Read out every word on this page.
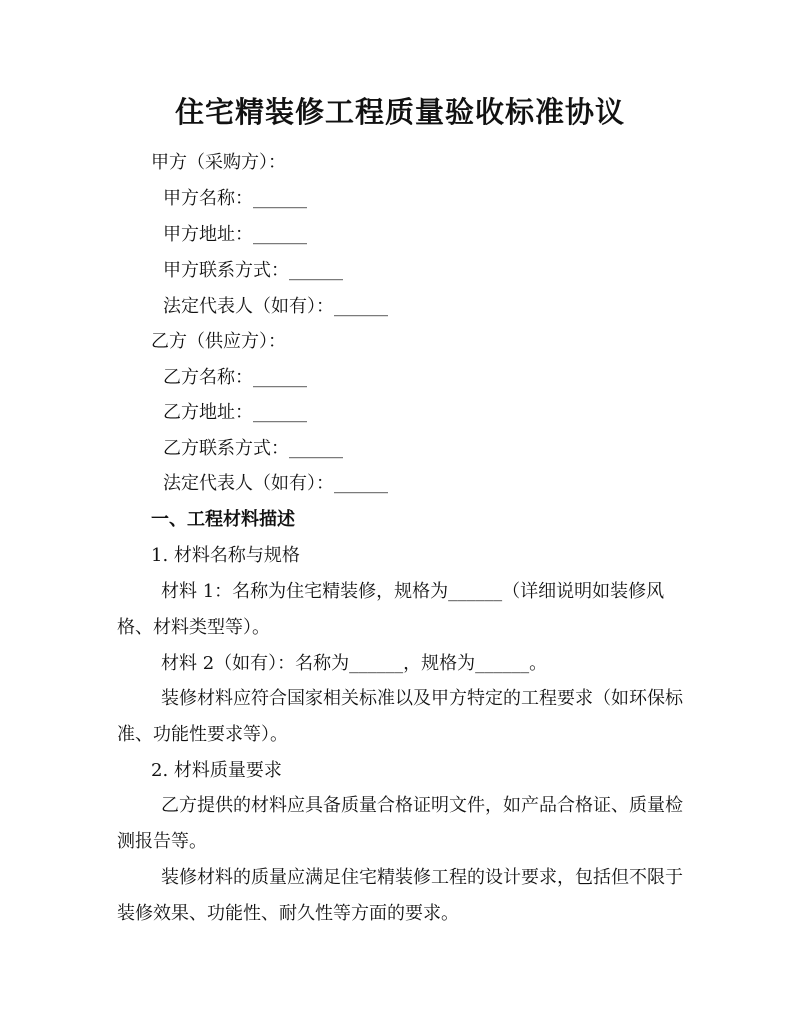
住宅精装修工程质量验收标准协议

甲方（采购方）：

甲方名称：______

甲方地址：______

甲方联系方式：______

法定代表人（如有）：______

乙方（供应方）：

乙方名称：______

乙方地址：______

乙方联系方式：______

法定代表人（如有）：______

一、工程材料描述

1. 材料名称与规格

材料 1：名称为住宅精装修，规格为______（详细说明如装修风格、材料类型等）。

材料 2（如有）：名称为______，规格为______。

装修材料应符合国家相关标准以及甲方特定的工程要求（如环保标准、功能性要求等）。

2. 材料质量要求

乙方提供的材料应具备质量合格证明文件，如产品合格证、质量检测报告等。

装修材料的质量应满足住宅精装修工程的设计要求，包括但不限于装修效果、功能性、耐久性等方面的要求。
